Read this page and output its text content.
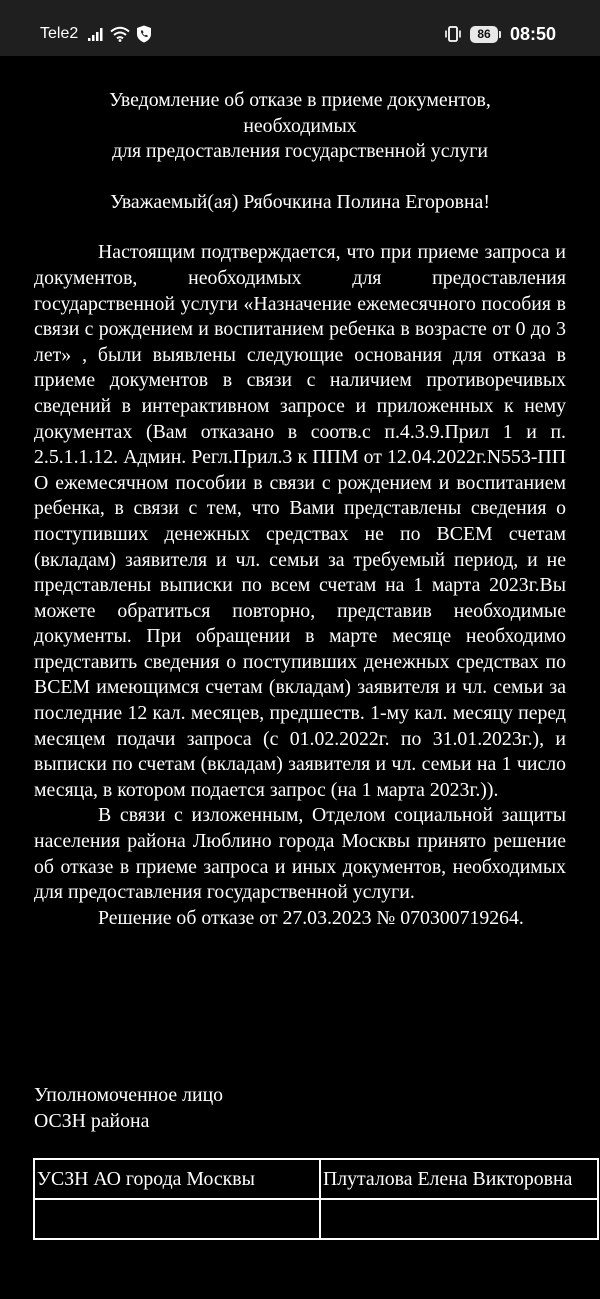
Tele2	86	08:50

Уведомление об отказе в приеме документов,
необходимых
для предоставления государственной услуги

Уважаемый(ая) Рябочкина Полина Егоровна!

Настоящим подтверждается, что при приеме запроса и документов, необходимых для предоставления государственной услуги «Назначение ежемесячного пособия в связи с рождением и воспитанием ребенка в возрасте от 0 до 3 лет» , были выявлены следующие основания для отказа в приеме документов в связи с наличием противоречивых сведений в интерактивном запросе и приложенных к нему документах (Вам отказано в соотв.с п.4.3.9.Прил 1 и п. 2.5.1.1.12. Админ. Регл.Прил.3 к ППМ от 12.04.2022г.N553-ПП О ежемесячном пособии в связи с рождением и воспитанием ребенка, в связи с тем, что Вами представлены сведения о поступивших денежных средствах не по ВСЕМ счетам (вкладам) заявителя и чл. семьи за требуемый период, и не представлены выписки по всем счетам на 1 марта 2023г.Вы можете обратиться повторно, представив необходимые документы. При обращении в марте месяце необходимо представить сведения о поступивших денежных средствах по ВСЕМ имеющимся счетам (вкладам) заявителя и чл. семьи за последние 12 кал. месяцев, предшеств. 1-му кал. месяцу перед месяцем подачи запроса (с 01.02.2022г. по 31.01.2023г.), и выписки по счетам (вкладам) заявителя и чл. семьи на 1 число месяца, в котором подается запрос (на 1 марта 2023г.)).

В связи с изложенным, Отделом социальной защиты населения района Люблино города Москвы принято решение об отказе в приеме запроса и иных документов, необходимых для предоставления государственной услуги.

Решение об отказе от 27.03.2023 № 070300719264.

Уполномоченное лицо
ОСЗН района
УСЗН АО города Москвы	Плуталова Елена Викторовна
